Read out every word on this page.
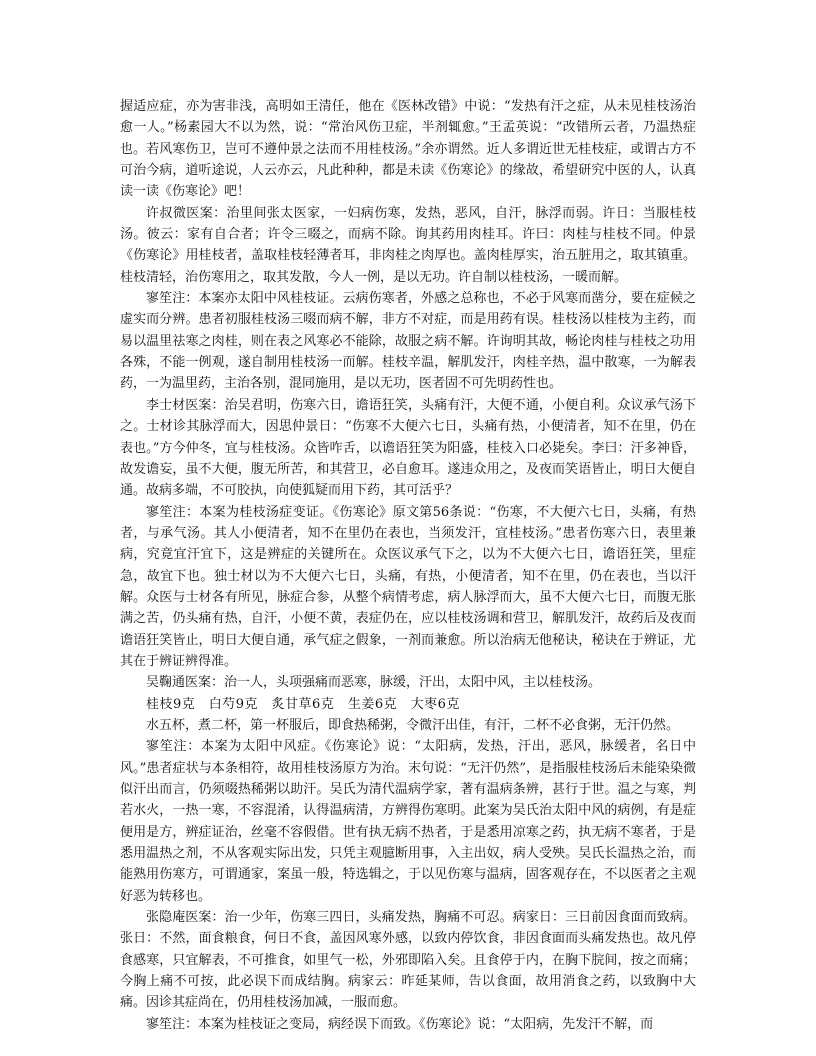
握适应症，亦为害非浅，高明如王清任，他在《医林改错》中说：“发热有汗之症，从未见桂枝汤治愈一人。”杨素园大不以为然，说：“常治风伤卫症，半剂辄愈。”王孟英说：“改错所云者，乃温热症也。若风寒伤卫，岂可不遵仲景之法而不用桂枝汤。”余亦谓然。近人多谓近世无桂枝症，或谓古方不可治今病，道听途说，人云亦云，凡此种种，都是未读《伤寒论》的缘故，希望研究中医的人，认真读一读《伤寒论》吧！

许叔微医案：治里间张太医家，一妇病伤寒，发热，恶风，自汗，脉浮而弱。许日：当服桂枝汤。彼云：家有自合者；许令三啜之，而病不除。询其药用肉桂耳。许曰：肉桂与桂枝不同。仲景《伤寒论》用桂枝者，盖取桂枝轻薄者耳，非肉桂之肉厚也。盖肉桂厚实，治五脏用之，取其镇重。桂枝清轻，治伤寒用之，取其发散，今人一例，是以无功。许自制以桂枝汤，一暖而解。

寥笙注：本案亦太阳中风桂枝证。云病伤寒者，外感之总称也，不必于风寒而凿分，要在症候之虚实而分辨。患者初服桂枝汤三啜而病不解，非方不对症，而是用药有误。桂枝汤以桂枝为主药，而易以温里祛寒之肉桂，则在表之风寒必不能除，故服之病不解。许询明其故，畅论肉桂与桂枝之功用各殊，不能一例观，遂自制用桂枝汤一而解。桂枝辛温，解肌发汗，肉桂辛热，温中散寒，一为解表药，一为温里药，主治各别，混同施用，是以无功，医者固不可先明药性也。

李士材医案：治吴君明，伤寒六日，谵语狂笑，头痛有汗，大便不通，小便自利。众议承气汤下之。士材诊其脉浮而大，因思仲景日：“伤寒不大便六七日，头痛有热，小便清者，知不在里，仍在表也。”方今仲冬，宜与桂枝汤。众皆咋舌，以谵语狂笑为阳盛，桂枝入口必毙矣。李曰：汗多神昏，故发谵妄，虽不大便，腹无所苦，和其营卫，必自愈耳。遂违众用之，及夜而笑语皆止，明日大便自通。故病多端，不可胶执，向使狐疑而用下药，其可活乎？

寥笙注：本案为桂枝汤症变证。《伤寒论》原文第56条说：“伤寒，不大便六七日，头痛，有热者，与承气汤。其人小便清者，知不在里仍在表也，当须发汗，宜桂枝汤。”患者伤寒六日，表里兼病，究竟宜汗宜下，这是辨症的关键所在。众医议承气下之，以为不大便六七日，谵语狂笑，里症急，故宜下也。独士材以为不大便六七日，头痛，有热，小便清者，知不在里，仍在表也，当以汗解。众医与士材各有所见，脉症合参，从整个病情考虑，病人脉浮而大，虽不大便六七日，而腹无胀满之苦，仍头痛有热，自汗，小便不黄，表症仍在，应以桂枝汤调和营卫，解肌发汗，故药后及夜而谵语狂笑皆止，明日大便自通，承气症之假象，一剂而兼愈。所以治病无他秘诀，秘诀在于辨证，尤其在于辨证辨得准。

吴鞠通医案：治一人，头项强痛而恶寒，脉缓，汗出，太阳中风，主以桂枝汤。

桂枝9克　白芍9克　炙甘草6克　生姜6克　大枣6克

水五杯，煮二杯，第一杯服后，即食热稀粥，令微汗出佳，有汗，二杯不必食粥，无汗仍然。

寥笙注：本案为太阳中风症。《伤寒论》说：“太阳病，发热，汗出，恶风，脉缓者，名日中风。”患者症状与本条相符，故用桂枝汤原方为治。末句说：“无汗仍然”，是指服桂枝汤后未能染染微似汗出而言，仍须啜热稀粥以助汗。吴氏为清代温病学家，著有温病条辨，甚行于世。温之与寒，判若水火，一热一寒，不容混淆，认得温病清，方辨得伤寒明。此案为吴氏治太阳中风的病例，有是症便用是方，辨症证治，丝毫不容假借。世有执无病不热者，于是悉用凉寒之药，执无病不寒者，于是悉用温热之剂，不从客观实际出发，只凭主观臆断用事，入主出奴，病人受殃。吴氏长温热之治，而能熟用伤寒方，可谓通家，案虽一般，特选辑之，于以见伤寒与温病，固客观存在，不以医者之主观好恶为转移也。

张隐庵医案：治一少年，伤寒三四日，头痛发热，胸痛不可忍。病家日：三日前因食面而致病。张日：不然，面食粮食，何日不食，盖因风寒外感，以致内停饮食，非因食面而头痛发热也。故凡停食感寒，只宜解表，不可推食，如里气一松，外邪即陷入矣。且食停于内，在胸下脘间，按之而痛；今胸上痛不可按，此必误下而成结胸。病家云：昨延某师，告以食面，故用消食之药，以致胸中大痛。因诊其症尚在，仍用桂枝汤加减，一服而愈。

寥笙注：本案为桂枝证之变局，病经误下而致。《伤寒论》说：“太阳病，先发汗不解，而
